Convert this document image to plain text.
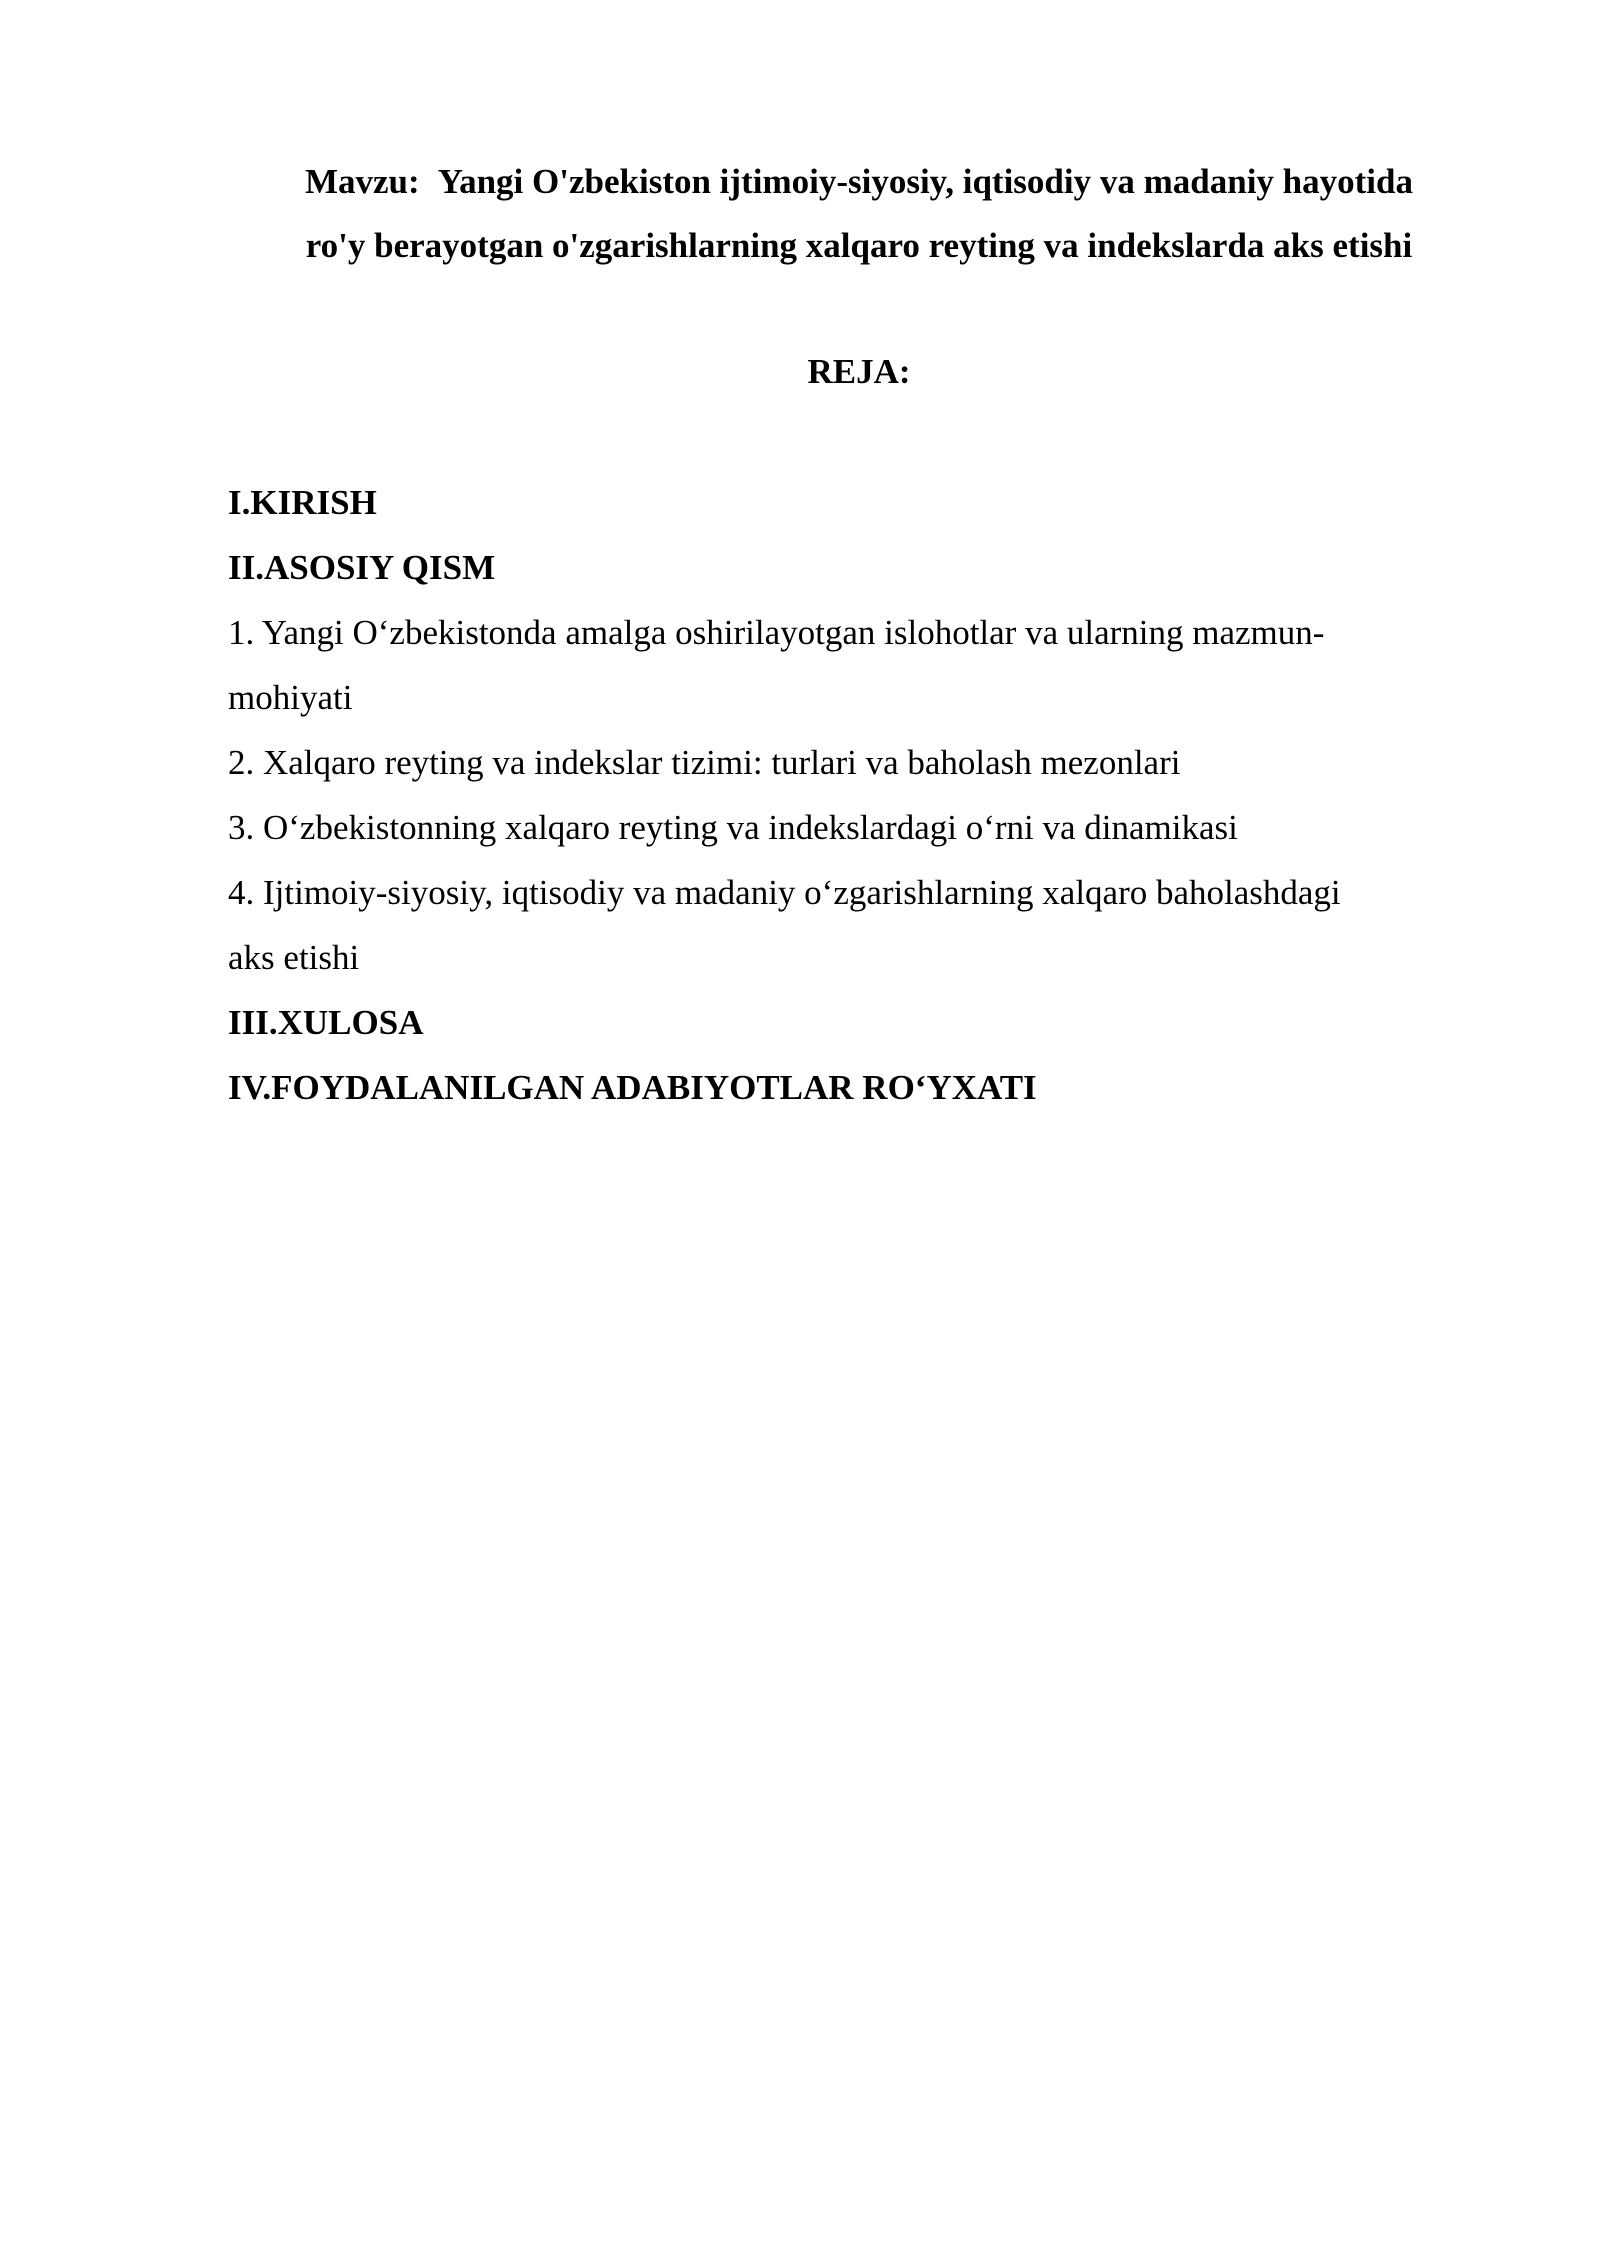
Mavzu: Yangi O'zbekiston ijtimoiy-siyosiy, iqtisodiy va madaniy hayotida
ro'y berayotgan o'zgarishlarning xalqaro reyting va indekslarda aks etishi
REJA:
I.KIRISH
II.ASOSIY QISM
1. Yangi O‘zbekistonda amalga oshirilayotgan islohotlar va ularning mazmun-
mohiyati
2. Xalqaro reyting va indekslar tizimi: turlari va baholash mezonlari
3. O‘zbekistonning xalqaro reyting va indekslardagi o‘rni va dinamikasi
4. Ijtimoiy-siyosiy, iqtisodiy va madaniy o‘zgarishlarning xalqaro baholashdagi
aks etishi
III.XULOSA
IV.FOYDALANILGAN ADABIYOTLAR RO‘YXATI
